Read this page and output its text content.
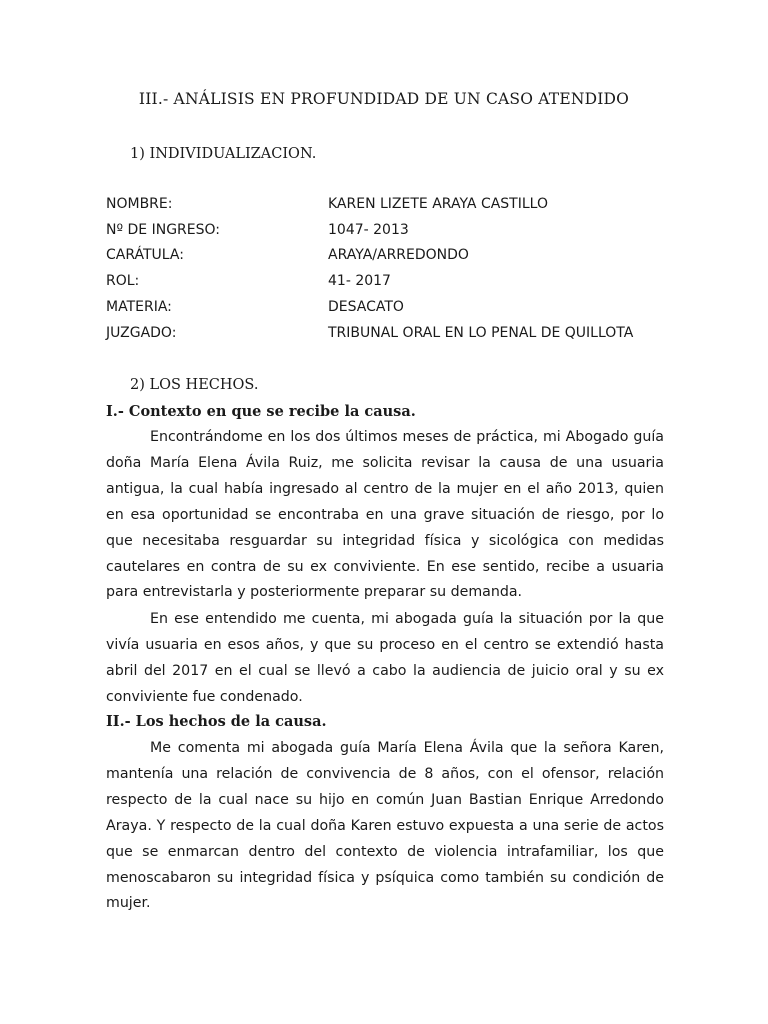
III.- ANÁLISIS EN PROFUNDIDAD DE UN CASO ATENDIDO
1) INDIVIDUALIZACION.
NOMBRE:	KAREN LIZETE ARAYA CASTILLO
Nº DE INGRESO:	1047- 2013
CARÁTULA:	ARAYA/ARREDONDO
ROL:	41- 2017
MATERIA:	DESACATO
JUZGADO:	TRIBUNAL ORAL EN LO PENAL DE QUILLOTA
2) LOS HECHOS.
I.- Contexto en que se recibe la causa.

Encontrándome en los dos últimos meses de práctica, mi Abogado guía doña María Elena Ávila Ruiz, me solicita revisar la causa de una usuaria antigua, la cual había ingresado al centro de la mujer en el año 2013, quien en esa oportunidad se encontraba en una grave situación de riesgo, por lo que necesitaba resguardar su integridad física y sicológica con medidas cautelares en contra de su ex conviviente. En ese sentido, recibe a usuaria para entrevistarla y posteriormente preparar su demanda.

En ese entendido me cuenta, mi abogada guía la situación por la que vivía usuaria en esos años, y que su proceso en el centro se extendió hasta abril del 2017 en el cual se llevó a cabo la audiencia de juicio oral y su ex conviviente fue condenado.

II.- Los hechos de la causa.

Me comenta mi abogada guía María Elena Ávila que la señora Karen, mantenía una relación de convivencia de 8 años, con el ofensor, relación respecto de la cual nace su hijo en común Juan Bastian Enrique Arredondo Araya. Y respecto de la cual doña Karen estuvo expuesta a una serie de actos que se enmarcan dentro del contexto de violencia intrafamiliar, los que menoscabaron su integridad física y psíquica como también su condición de mujer.
